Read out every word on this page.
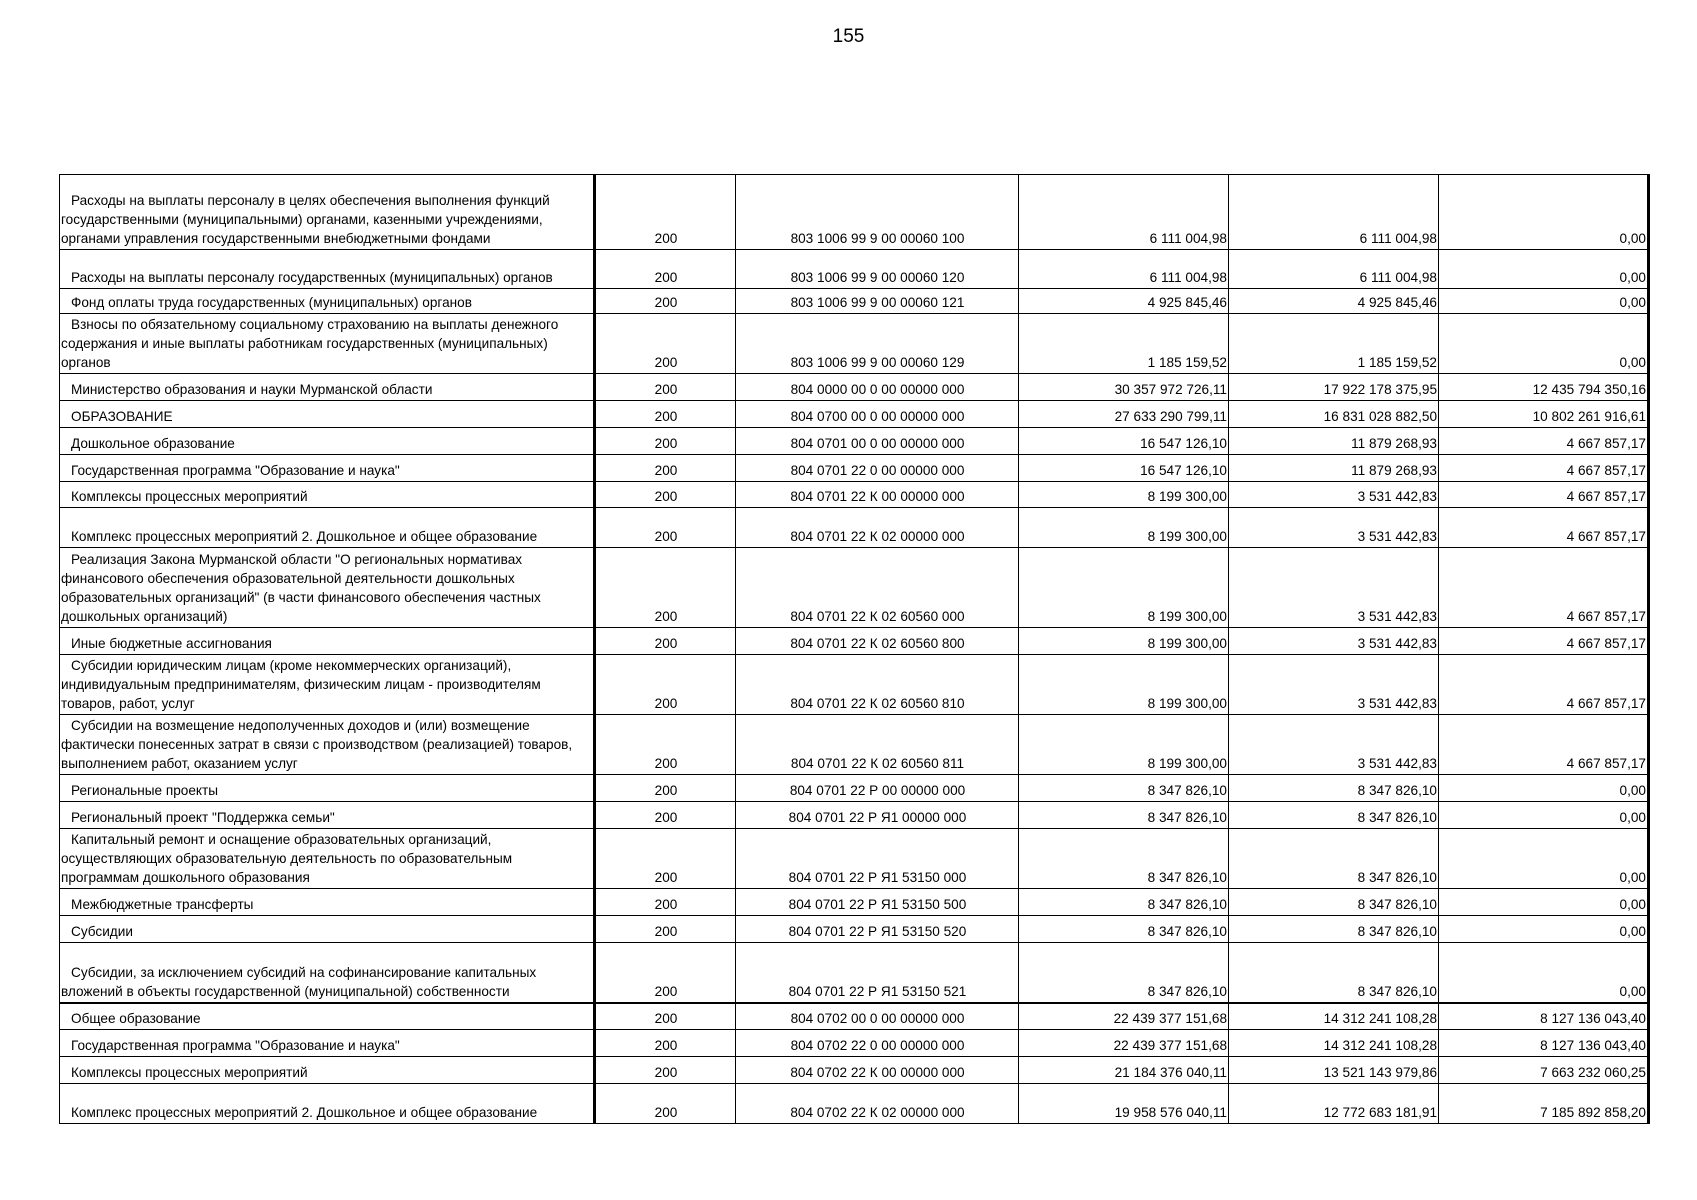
155
Расходы на выплаты персоналу в целях обеспечения выполнения функций государственными (муниципальными) органами, казенными учреждениями, органами управления государственными внебюджетными фондами	200	803 1006 99 9 00 00060 100	6 111 004,98	6 111 004,98	0,00
Расходы на выплаты персоналу государственных (муниципальных) органов	200	803 1006 99 9 00 00060 120	6 111 004,98	6 111 004,98	0,00
Фонд оплаты труда государственных (муниципальных) органов	200	803 1006 99 9 00 00060 121	4 925 845,46	4 925 845,46	0,00
Взносы по обязательному социальному страхованию на выплаты денежного содержания и иные выплаты работникам государственных (муниципальных) органов	200	803 1006 99 9 00 00060 129	1 185 159,52	1 185 159,52	0,00
Министерство образования и науки Мурманской области	200	804 0000 00 0 00 00000 000	30 357 972 726,11	17 922 178 375,95	12 435 794 350,16
ОБРАЗОВАНИЕ	200	804 0700 00 0 00 00000 000	27 633 290 799,11	16 831 028 882,50	10 802 261 916,61
Дошкольное образование	200	804 0701 00 0 00 00000 000	16 547 126,10	11 879 268,93	4 667 857,17
Государственная программа "Образование и наука"	200	804 0701 22 0 00 00000 000	16 547 126,10	11 879 268,93	4 667 857,17
Комплексы процессных мероприятий	200	804 0701 22 К 00 00000 000	8 199 300,00	3 531 442,83	4 667 857,17
Комплекс процессных мероприятий 2. Дошкольное и общее образование	200	804 0701 22 К 02 00000 000	8 199 300,00	3 531 442,83	4 667 857,17
Реализация Закона Мурманской области "О региональных нормативах финансового обеспечения образовательной деятельности дошкольных образовательных организаций" (в части финансового обеспечения частных дошкольных организаций)	200	804 0701 22 К 02 60560 000	8 199 300,00	3 531 442,83	4 667 857,17
Иные бюджетные ассигнования	200	804 0701 22 К 02 60560 800	8 199 300,00	3 531 442,83	4 667 857,17
Субсидии юридическим лицам (кроме некоммерческих организаций), индивидуальным предпринимателям, физическим лицам - производителям товаров, работ, услуг	200	804 0701 22 К 02 60560 810	8 199 300,00	3 531 442,83	4 667 857,17
Субсидии на возмещение недополученных доходов и (или) возмещение фактически понесенных затрат в связи с производством (реализацией) товаров, выполнением работ, оказанием услуг	200	804 0701 22 К 02 60560 811	8 199 300,00	3 531 442,83	4 667 857,17
Региональные проекты	200	804 0701 22 Р 00 00000 000	8 347 826,10	8 347 826,10	0,00
Региональный проект "Поддержка семьи"	200	804 0701 22 Р Я1 00000 000	8 347 826,10	8 347 826,10	0,00
Капитальный ремонт и оснащение образовательных организаций, осуществляющих образовательную деятельность по образовательным программам дошкольного образования	200	804 0701 22 Р Я1 53150 000	8 347 826,10	8 347 826,10	0,00
Межбюджетные трансферты	200	804 0701 22 Р Я1 53150 500	8 347 826,10	8 347 826,10	0,00
Субсидии	200	804 0701 22 Р Я1 53150 520	8 347 826,10	8 347 826,10	0,00
Субсидии, за исключением субсидий на софинансирование капитальных вложений в объекты государственной (муниципальной) собственности	200	804 0701 22 Р Я1 53150 521	8 347 826,10	8 347 826,10	0,00
Общее образование	200	804 0702 00 0 00 00000 000	22 439 377 151,68	14 312 241 108,28	8 127 136 043,40
Государственная программа "Образование и наука"	200	804 0702 22 0 00 00000 000	22 439 377 151,68	14 312 241 108,28	8 127 136 043,40
Комплексы процессных мероприятий	200	804 0702 22 К 00 00000 000	21 184 376 040,11	13 521 143 979,86	7 663 232 060,25
Комплекс процессных мероприятий 2. Дошкольное и общее образование	200	804 0702 22 К 02 00000 000	19 958 576 040,11	12 772 683 181,91	7 185 892 858,20
